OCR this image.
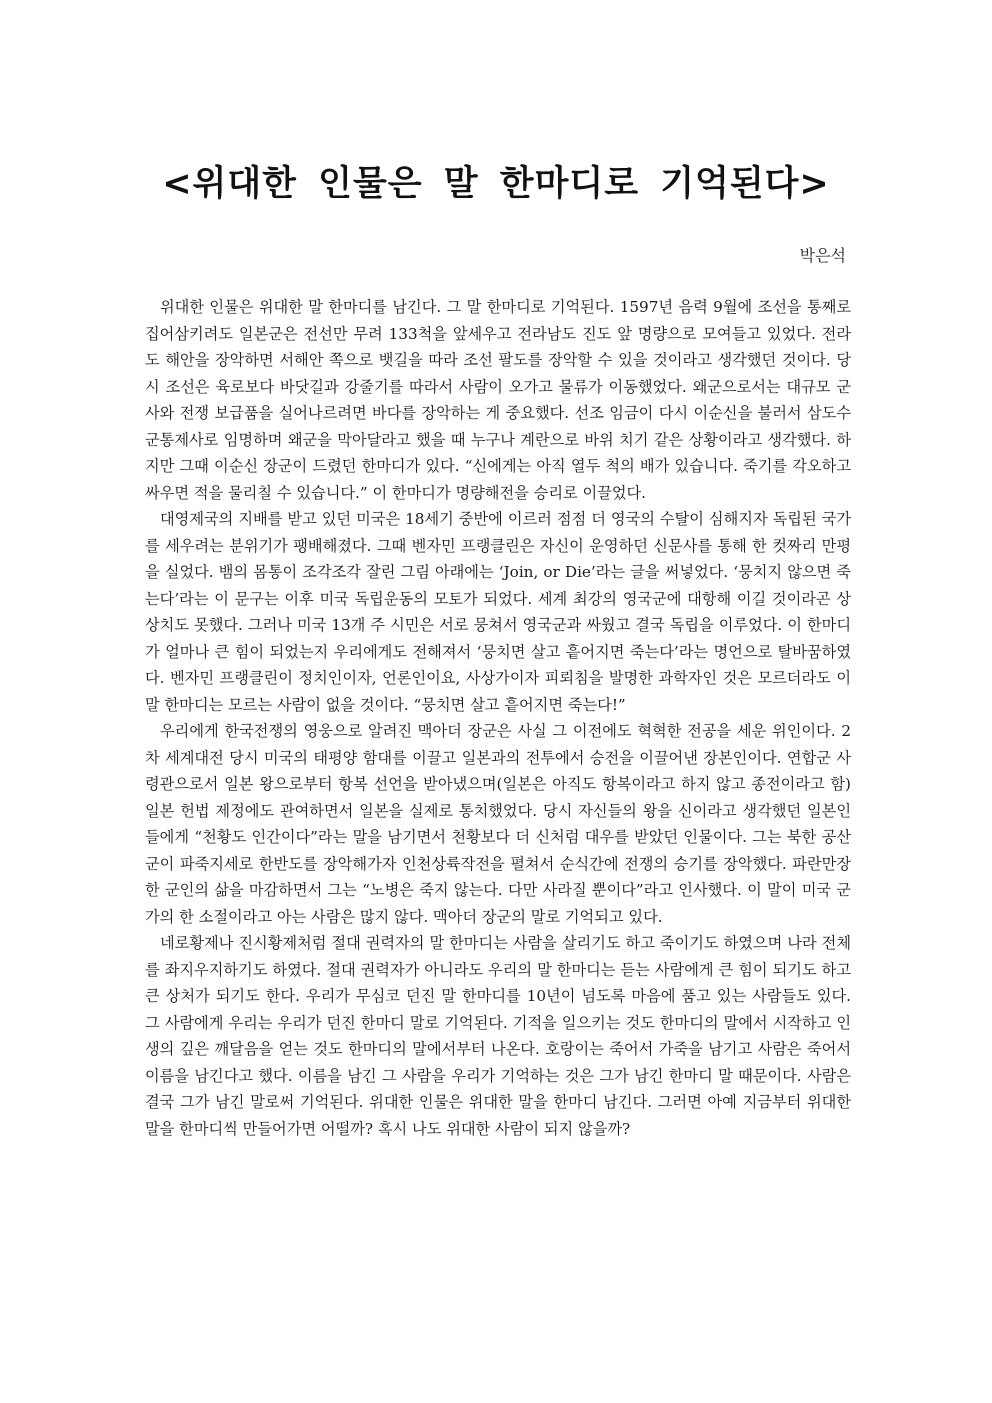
<위대한 인물은 말 한마디로 기억된다>

박은석

위대한 인물은 위대한 말 한마디를 남긴다. 그 말 한마디로 기억된다. 1597년 음력 9월에 조선을 통째로 집어삼키려도 일본군은 전선만 무려 133척을 앞세우고 전라남도 진도 앞 명량으로 모여들고 있었다. 전라도 해안을 장악하면 서해안 쪽으로 뱃길을 따라 조선 팔도를 장악할 수 있을 것이라고 생각했던 것이다. 당시 조선은 육로보다 바닷길과 강줄기를 따라서 사람이 오가고 물류가 이동했었다. 왜군으로서는 대규모 군사와 전쟁 보급품을 실어나르려면 바다를 장악하는 게 중요했다. 선조 임금이 다시 이순신을 불러서 삼도수군통제사로 임명하며 왜군을 막아달라고 했을 때 누구나 계란으로 바위 치기 같은 상황이라고 생각했다. 하지만 그때 이순신 장군이 드렸던 한마디가 있다. “신에게는 아직 열두 척의 배가 있습니다. 죽기를 각오하고 싸우면 적을 물리칠 수 있습니다.” 이 한마디가 명량해전을 승리로 이끌었다.

대영제국의 지배를 받고 있던 미국은 18세기 중반에 이르러 점점 더 영국의 수탈이 심해지자 독립된 국가를 세우려는 분위기가 팽배해졌다. 그때 벤자민 프랭클린은 자신이 운영하던 신문사를 통해 한 컷짜리 만평을 실었다. 뱀의 몸통이 조각조각 잘린 그림 아래에는 ‘Join, or Die’라는 글을 써넣었다. ‘뭉치지 않으면 죽는다’라는 이 문구는 이후 미국 독립운동의 모토가 되었다. 세계 최강의 영국군에 대항해 이길 것이라곤 상상치도 못했다. 그러나 미국 13개 주 시민은 서로 뭉쳐서 영국군과 싸웠고 결국 독립을 이루었다. 이 한마디가 얼마나 큰 힘이 되었는지 우리에게도 전해져서 ‘뭉치면 살고 흩어지면 죽는다’라는 명언으로 탈바꿈하였다. 벤자민 프랭클린이 정치인이자, 언론인이요, 사상가이자 피뢰침을 발명한 과학자인 것은 모르더라도 이 말 한마디는 모르는 사람이 없을 것이다. “뭉치면 살고 흩어지면 죽는다!”

우리에게 한국전쟁의 영웅으로 알려진 맥아더 장군은 사실 그 이전에도 혁혁한 전공을 세운 위인이다. 2차 세계대전 당시 미국의 태평양 함대를 이끌고 일본과의 전투에서 승전을 이끌어낸 장본인이다. 연합군 사령관으로서 일본 왕으로부터 항복 선언을 받아냈으며(일본은 아직도 항복이라고 하지 않고 종전이라고 함) 일본 헌법 제정에도 관여하면서 일본을 실제로 통치했었다. 당시 자신들의 왕을 신이라고 생각했던 일본인들에게 “천황도 인간이다”라는 말을 남기면서 천황보다 더 신처럼 대우를 받았던 인물이다. 그는 북한 공산군이 파죽지세로 한반도를 장악해가자 인천상륙작전을 펼쳐서 순식간에 전쟁의 승기를 장악했다. 파란만장한 군인의 삶을 마감하면서 그는 “노병은 죽지 않는다. 다만 사라질 뿐이다”라고 인사했다. 이 말이 미국 군가의 한 소절이라고 아는 사람은 많지 않다. 맥아더 장군의 말로 기억되고 있다.

네로황제나 진시황제처럼 절대 권력자의 말 한마디는 사람을 살리기도 하고 죽이기도 하였으며 나라 전체를 좌지우지하기도 하였다. 절대 권력자가 아니라도 우리의 말 한마디는 듣는 사람에게 큰 힘이 되기도 하고 큰 상처가 되기도 한다. 우리가 무심코 던진 말 한마디를 10년이 넘도록 마음에 품고 있는 사람들도 있다. 그 사람에게 우리는 우리가 던진 한마디 말로 기억된다. 기적을 일으키는 것도 한마디의 말에서 시작하고 인생의 깊은 깨달음을 얻는 것도 한마디의 말에서부터 나온다. 호랑이는 죽어서 가죽을 남기고 사람은 죽어서 이름을 남긴다고 했다. 이름을 남긴 그 사람을 우리가 기억하는 것은 그가 남긴 한마디 말 때문이다. 사람은 결국 그가 남긴 말로써 기억된다. 위대한 인물은 위대한 말을 한마디 남긴다. 그러면 아예 지금부터 위대한 말을 한마디씩 만들어가면 어떨까? 혹시 나도 위대한 사람이 되지 않을까?
